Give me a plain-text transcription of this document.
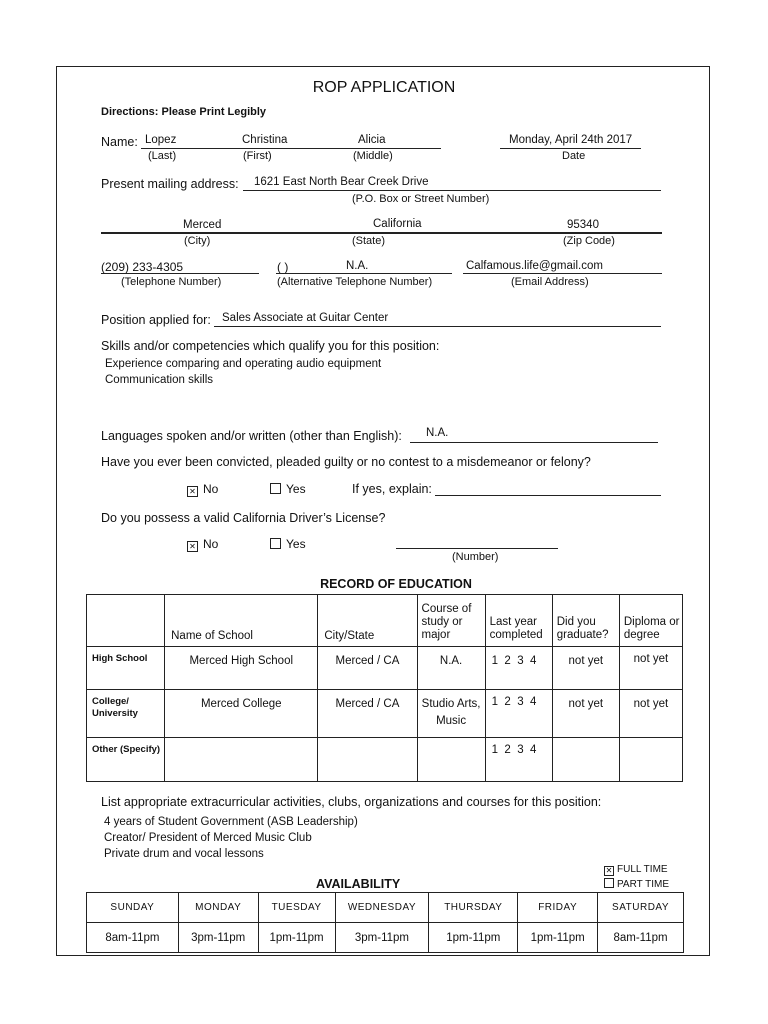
ROP APPLICATION
Directions: Please Print Legibly
Name: Lopez	Christina	Alicia	Monday, April 24th 2017
(Last)	(First)	(Middle)	Date
Present mailing address: 1621 East North Bear Creek Drive
(P.O. Box or Street Number)
Merced	California	95340
(City)	(State)	(Zip Code)
(209) 233-4305	( )	N.A.	Calfamous.life@gmail.com
(Telephone Number)	(Alternative Telephone Number)	(Email Address)
Position applied for: Sales Associate at Guitar Center
Skills and/or competencies which qualify you for this position:
Experience comparing and operating audio equipment
Communication skills
Languages spoken and/or written (other than English): N.A.
Have you ever been convicted, pleaded guilty or no contest to a misdemeanor or felony?
✕ No	Yes	If yes, explain:
Do you possess a valid California Driver’s License?
✕ No	Yes
(Number)
RECORD OF EDUCATION
	Name of School	City/State	Course of study or major	Last year completed	Did you graduate?	Diploma or degree
High School	Merced High School	Merced / CA	N.A.	1  2  3  4	not yet	not yet
College/ University	Merced College	Merced / CA	Studio Arts, Music	1  2  3  4	not yet	not yet
Other (Specify)				1  2  3  4		
List appropriate extracurricular activities, clubs, organizations and courses for this position:
4 years of Student Government (ASB Leadership)
Creator/ President of Merced Music Club
Private drum and vocal lessons
AVAILABILITY
✕ FULL TIME
PART TIME
SUNDAY	MONDAY	TUESDAY	WEDNESDAY	THURSDAY	FRIDAY	SATURDAY
8am-11pm	3pm-11pm	1pm-11pm	3pm-11pm	1pm-11pm	1pm-11pm	8am-11pm
